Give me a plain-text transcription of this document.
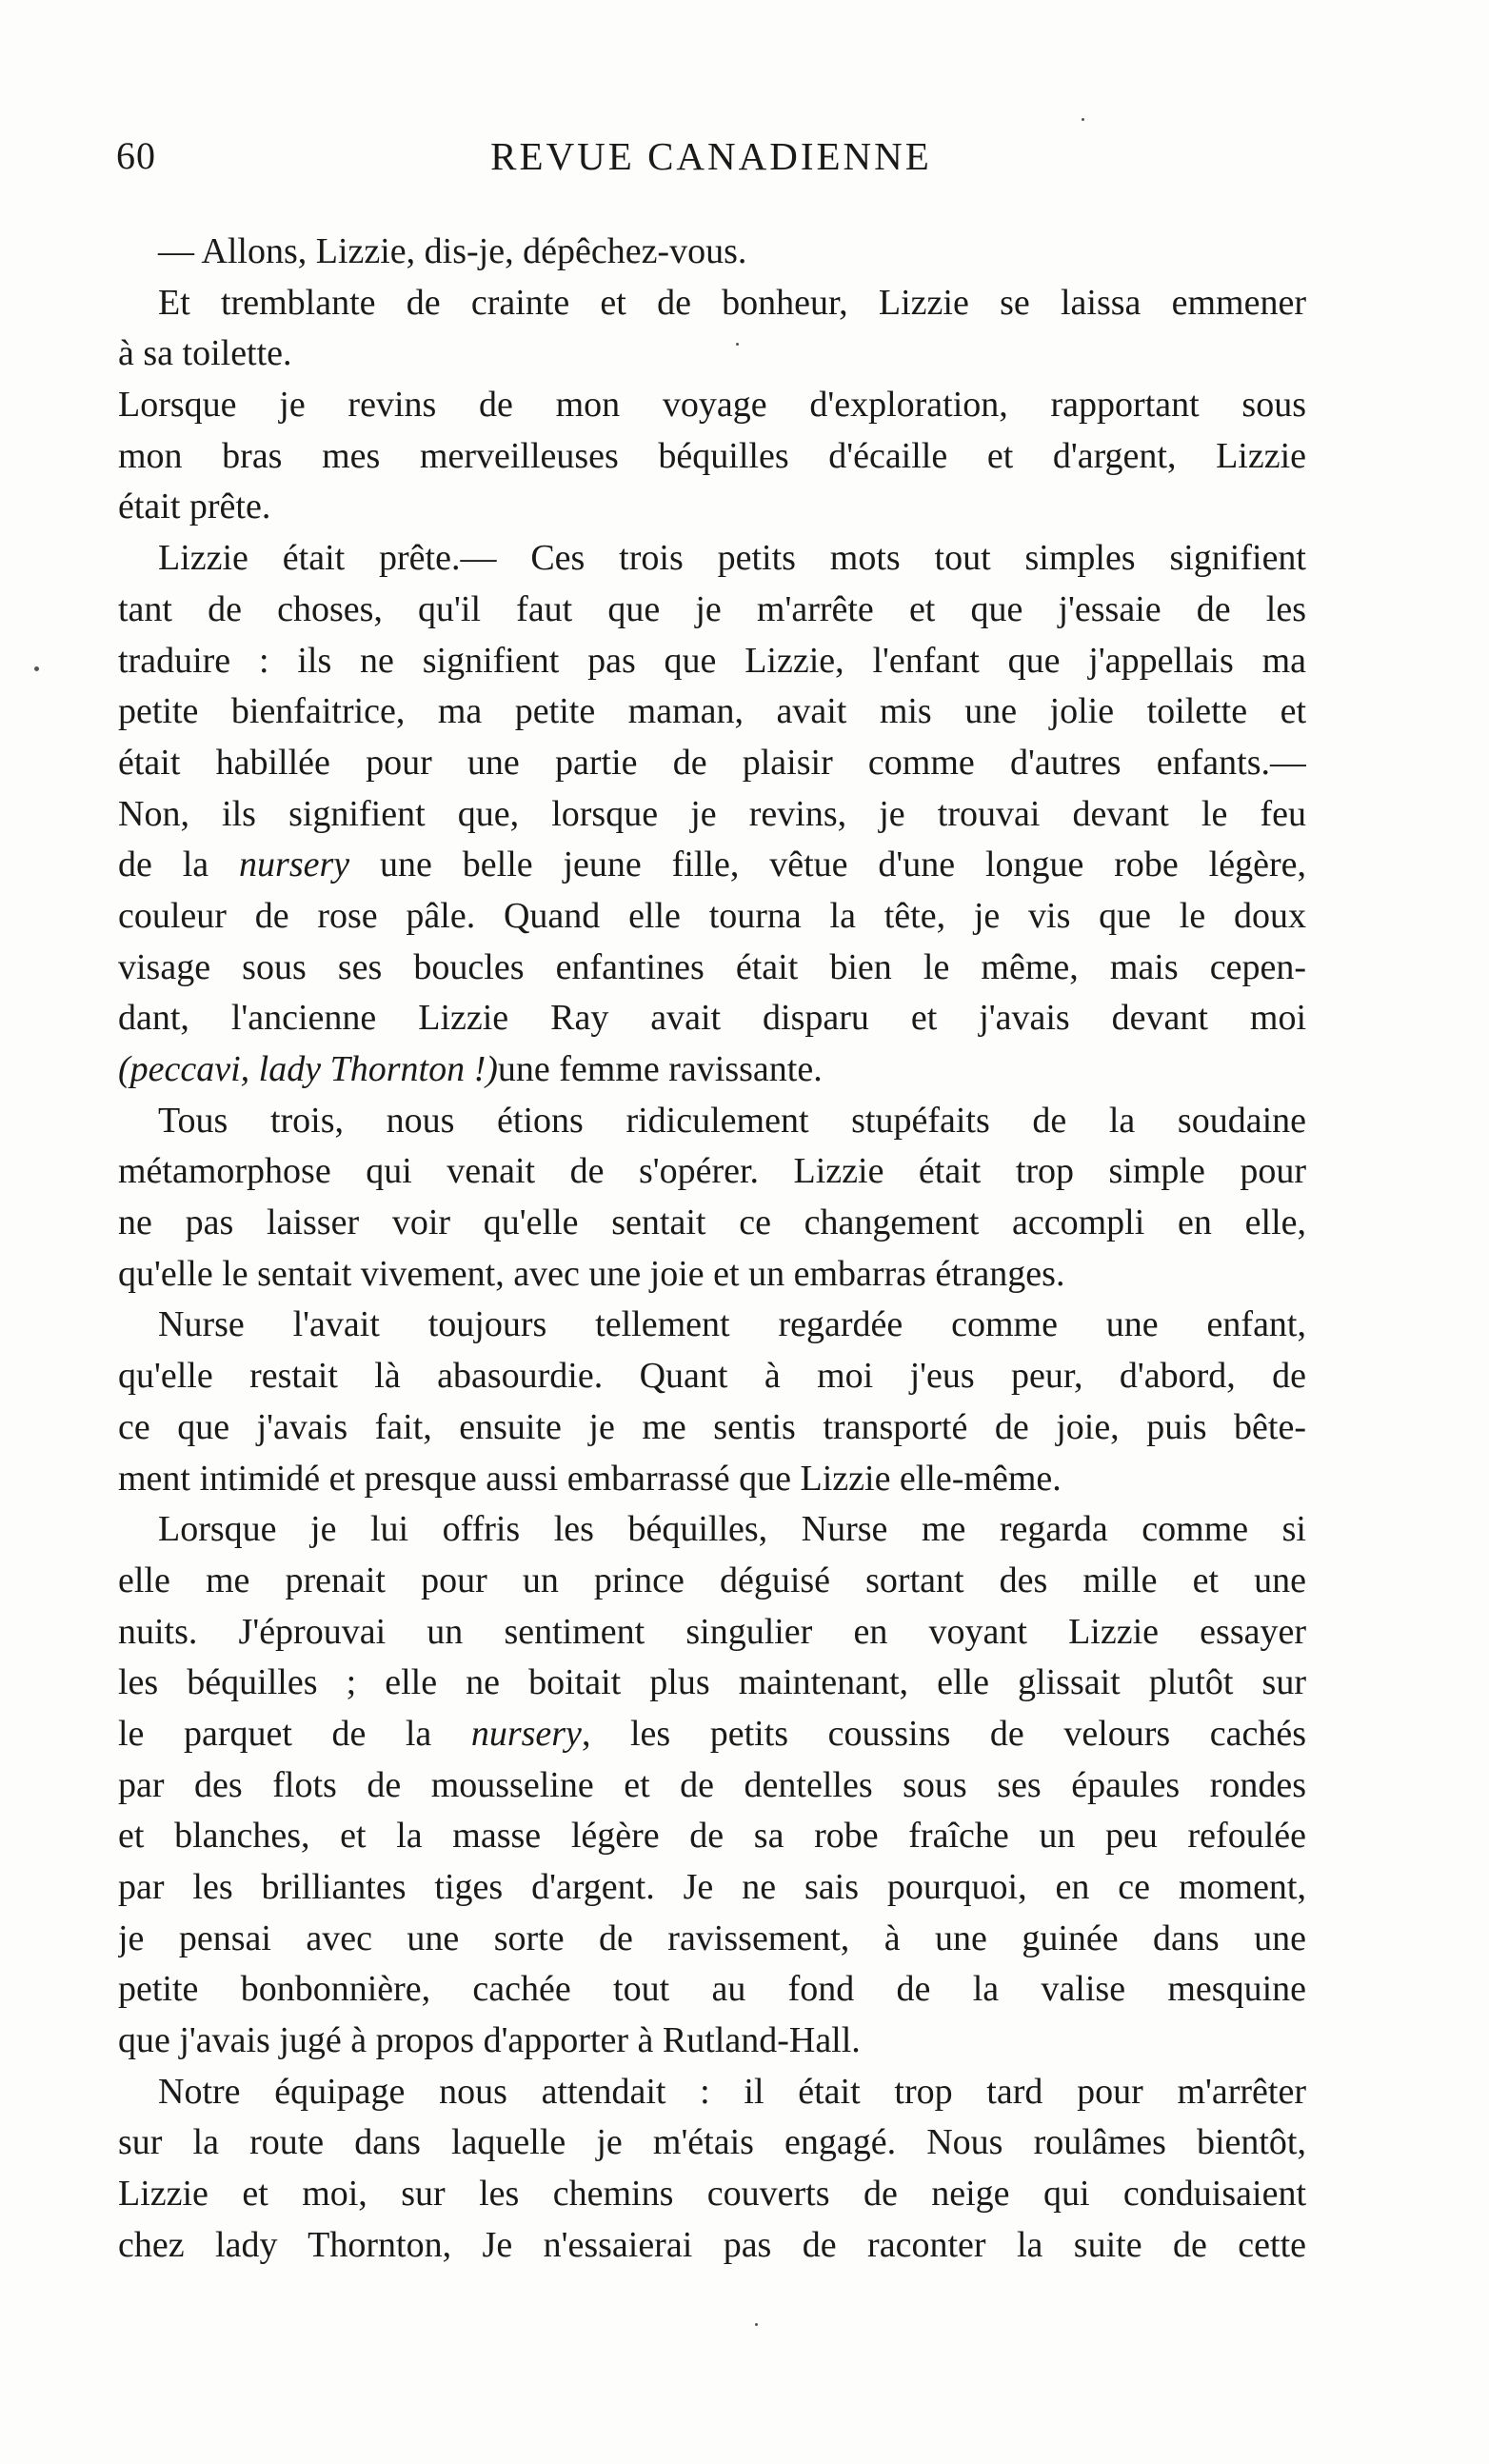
60	REVUE CANADIENNE
— Allons, Lizzie, dis-je, dépêchez-vous.
Et tremblante de crainte et de bonheur, Lizzie se laissa emmener
à sa toilette.
Lorsque je revins de mon voyage d'exploration, rapportant sous
mon bras mes merveilleuses béquilles d'écaille et d'argent, Lizzie
était prête.
Lizzie était prête.— Ces trois petits mots tout simples signifient
tant de choses, qu'il faut que je m'arrête et que j'essaie de les
traduire : ils ne signifient pas que Lizzie, l'enfant que j'appellais ma
petite bienfaitrice, ma petite maman, avait mis une jolie toilette et
était habillée pour une partie de plaisir comme d'autres enfants.—
Non, ils signifient que, lorsque je revins, je trouvai devant le feu
de la nursery une belle jeune fille, vêtue d'une longue robe légère,
couleur de rose pâle. Quand elle tourna la tête, je vis que le doux
visage sous ses boucles enfantines était bien le même, mais cepen-
dant, l'ancienne Lizzie Ray avait disparu et j'avais devant moi
(peccavi, lady Thornton !)une femme ravissante.
Tous trois, nous étions ridiculement stupéfaits de la soudaine
métamorphose qui venait de s'opérer. Lizzie était trop simple pour
ne pas laisser voir qu'elle sentait ce changement accompli en elle,
qu'elle le sentait vivement, avec une joie et un embarras étranges.
Nurse l'avait toujours tellement regardée comme une enfant,
qu'elle restait là abasourdie. Quant à moi j'eus peur, d'abord, de
ce que j'avais fait, ensuite je me sentis transporté de joie, puis bête-
ment intimidé et presque aussi embarrassé que Lizzie elle-même.
Lorsque je lui offris les béquilles, Nurse me regarda comme si
elle me prenait pour un prince déguisé sortant des mille et une
nuits. J'éprouvai un sentiment singulier en voyant Lizzie essayer
les béquilles ; elle ne boitait plus maintenant, elle glissait plutôt sur
le parquet de la nursery, les petits coussins de velours cachés
par des flots de mousseline et de dentelles sous ses épaules rondes
et blanches, et la masse légère de sa robe fraîche un peu refoulée
par les brilliantes tiges d'argent. Je ne sais pourquoi, en ce moment,
je pensai avec une sorte de ravissement, à une guinée dans une
petite bonbonnière, cachée tout au fond de la valise mesquine
que j'avais jugé à propos d'apporter à Rutland-Hall.
Notre équipage nous attendait : il était trop tard pour m'arrêter
sur la route dans laquelle je m'étais engagé. Nous roulâmes bientôt,
Lizzie et moi, sur les chemins couverts de neige qui conduisaient
chez lady Thornton, Je n'essaierai pas de raconter la suite de cette
